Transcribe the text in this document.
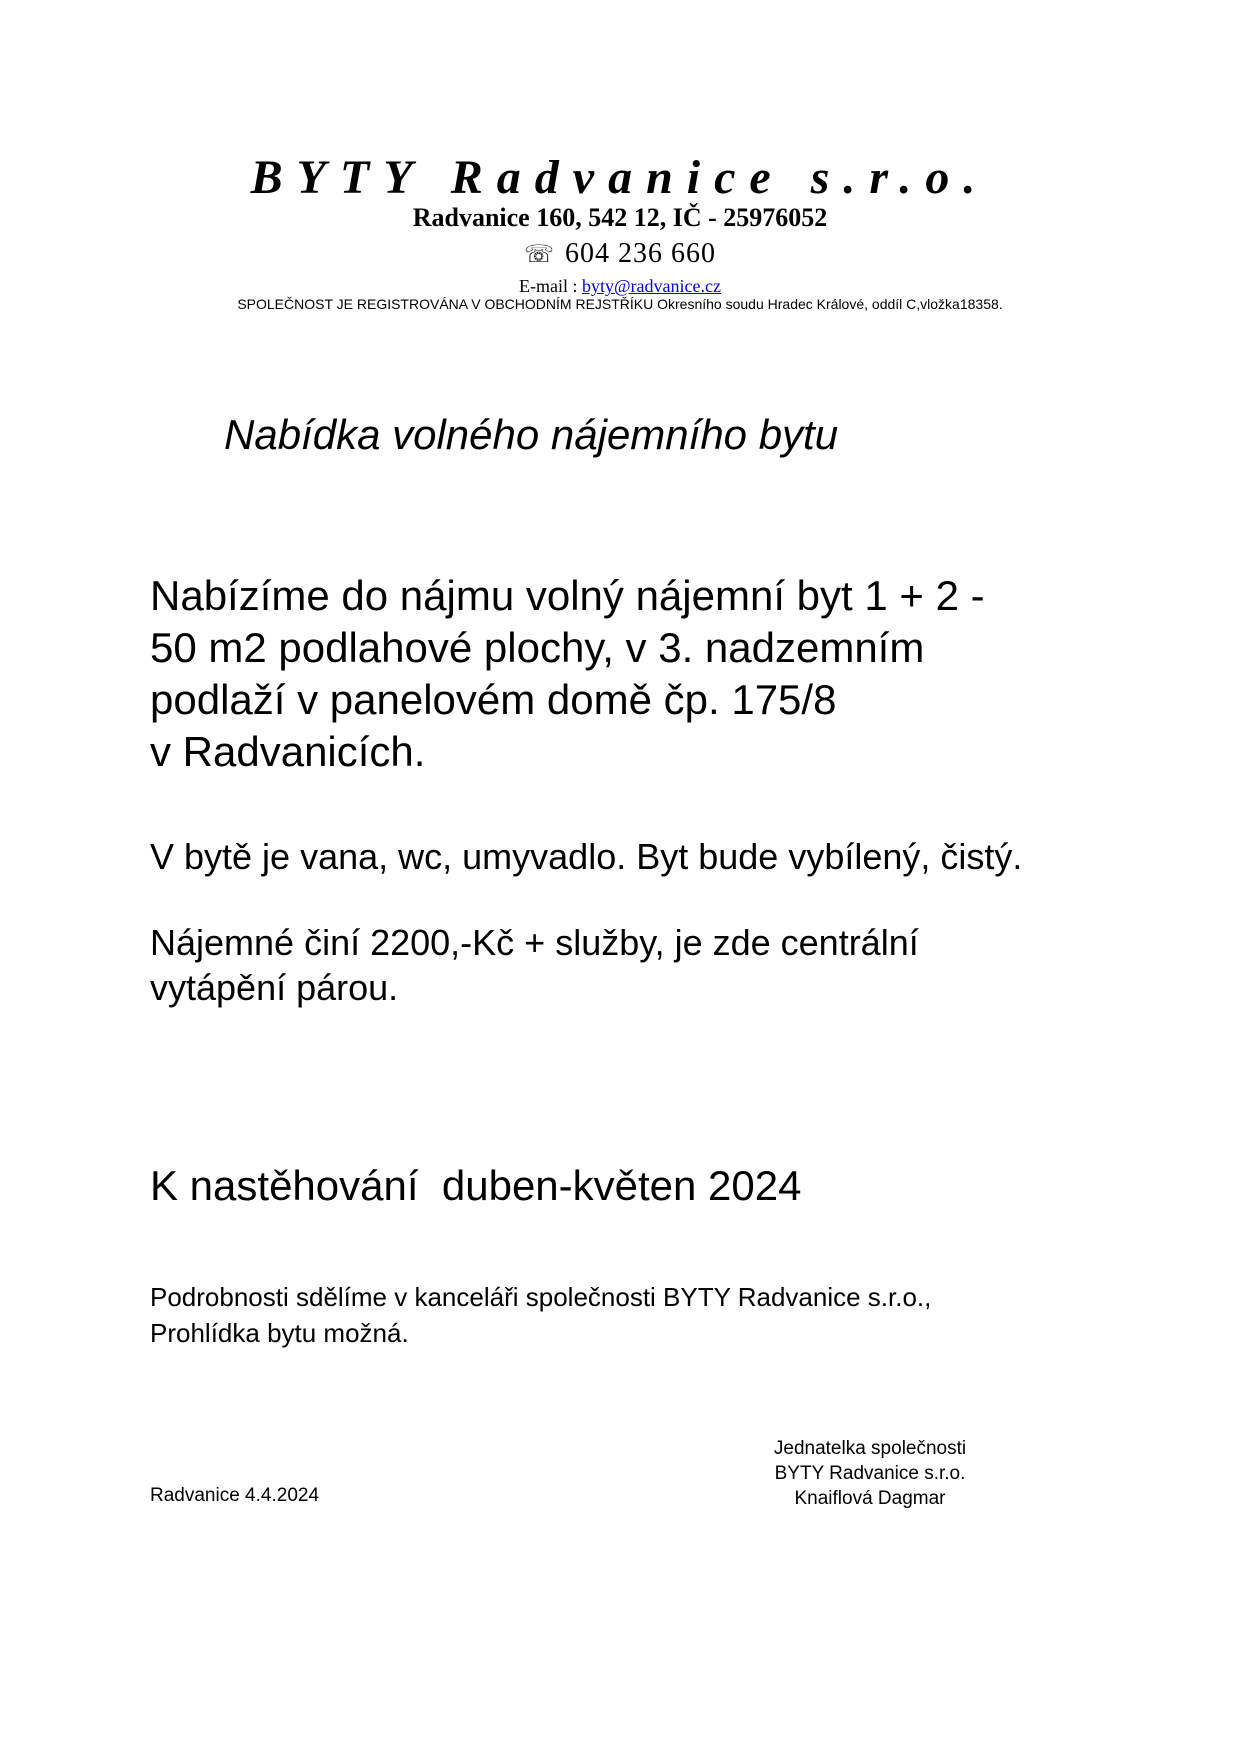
BYTY Radvanice s.r.o.
Radvanice 160, 542 12, IČ - 25976052
☏ 604 236 660
E-mail : byty@radvanice.cz
SPOLEČNOST JE REGISTROVÁNA V OBCHODNÍM REJSTŘÍKU Okresního soudu Hradec Králové, oddíl C,vložka18358.
Nabídka volného nájemního bytu
Nabízíme do nájmu volný nájemní byt 1 + 2 -
50 m2 podlahové plochy, v 3. nadzemním
podlaží v panelovém domě čp. 175/8
v Radvanicích.
V bytě je vana, wc, umyvadlo. Byt bude vybílený, čistý.
Nájemné činí 2200,-Kč + služby, je zde centrální
vytápění párou.
K nastěhování  duben-květen 2024
Podrobnosti sdělíme v kanceláři společnosti BYTY Radvanice s.r.o.,
Prohlídka bytu možná.
Radvanice 4.4.2024
Jednatelka společnosti
BYTY Radvanice s.r.o.
Knaiflová Dagmar
